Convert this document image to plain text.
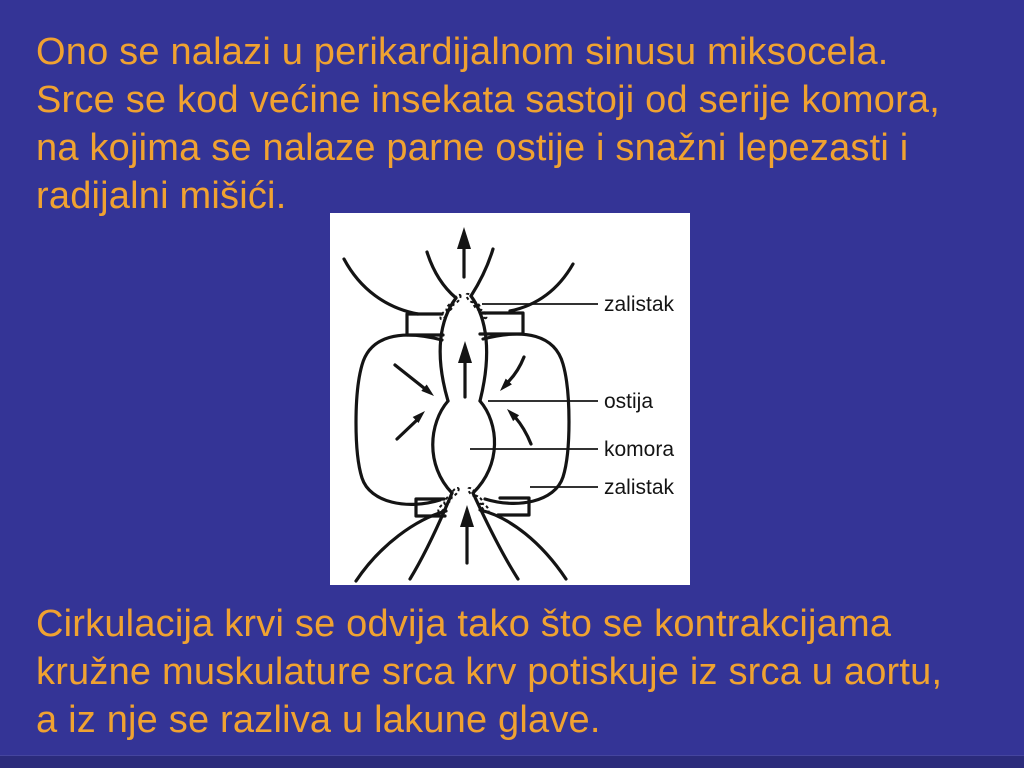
Ono se nalazi u perikardijalnom sinusu miksocela.
Srce se kod većine insekata sastoji od serije komora,
na kojima se nalaze parne ostije i snažni lepezasti i
radijalni mišići.
zalistak
ostija
komora
zalistak
Cirkulacija krvi se odvija tako što se kontrakcijama
kružne muskulature srca krv potiskuje iz srca u aortu,
a iz nje se razliva u lakune glave.
